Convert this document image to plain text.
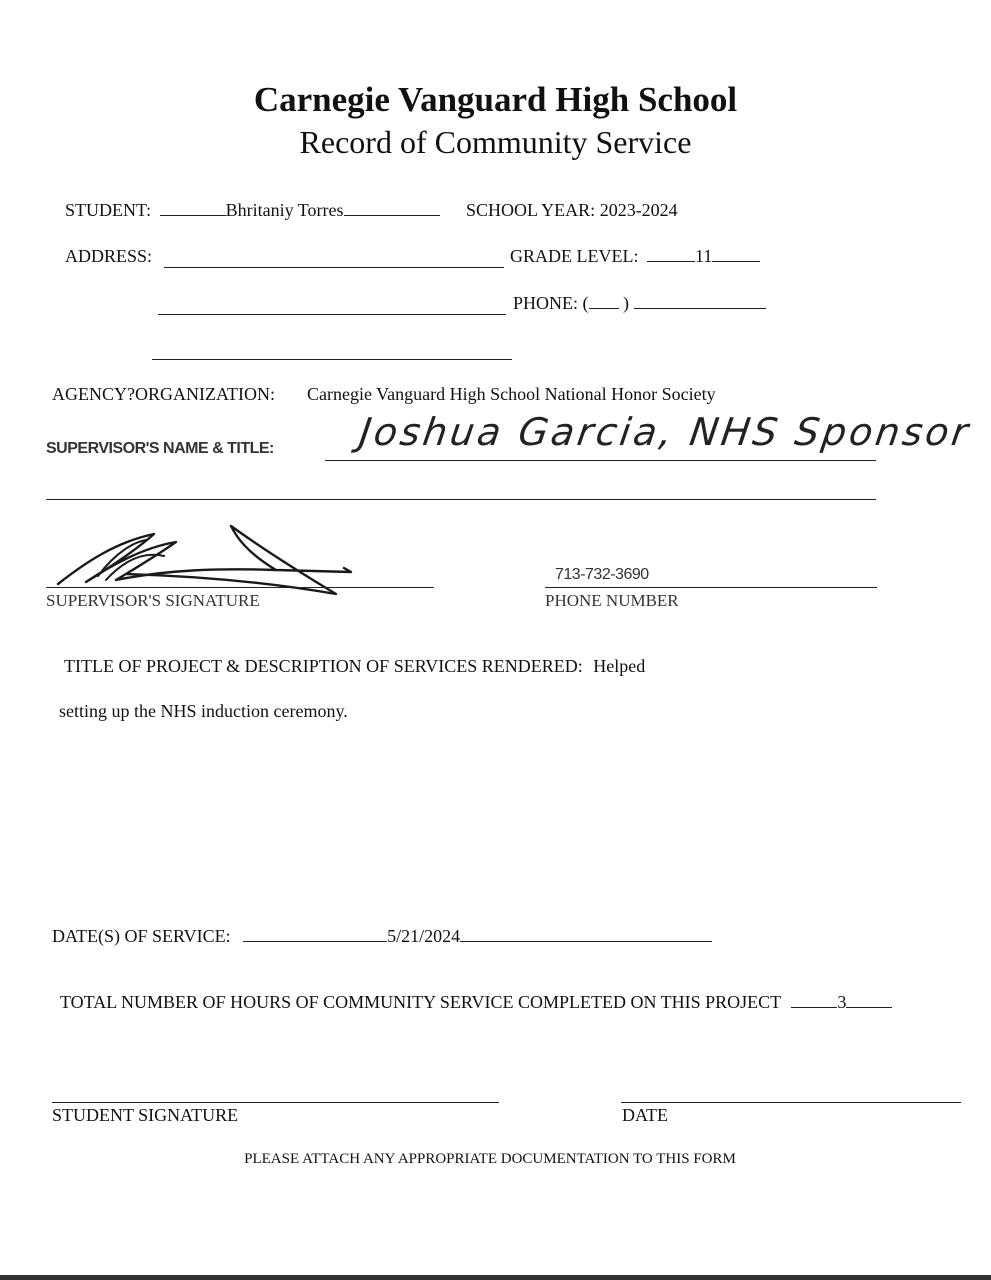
Carnegie Vanguard High School
Record of Community Service
STUDENT:	Bhritaniy Torres	SCHOOL YEAR: 2023-2024
ADDRESS:	GRADE LEVEL:	11
PHONE: ( )
AGENCY?ORGANIZATION: Carnegie Vanguard High School National Honor Society
SUPERVISOR'S NAME & TITLE: Joshua Garcia, NHS Sponsor
SUPERVISOR'S SIGNATURE
713-732-3690
PHONE NUMBER
TITLE OF PROJECT & DESCRIPTION OF SERVICES RENDERED: Helped
setting up the NHS induction ceremony.
DATE(S) OF SERVICE:	5/21/2024
TOTAL NUMBER OF HOURS OF COMMUNITY SERVICE COMPLETED ON THIS PROJECT	3
STUDENT SIGNATURE	DATE
PLEASE ATTACH ANY APPROPRIATE DOCUMENTATION TO THIS FORM
